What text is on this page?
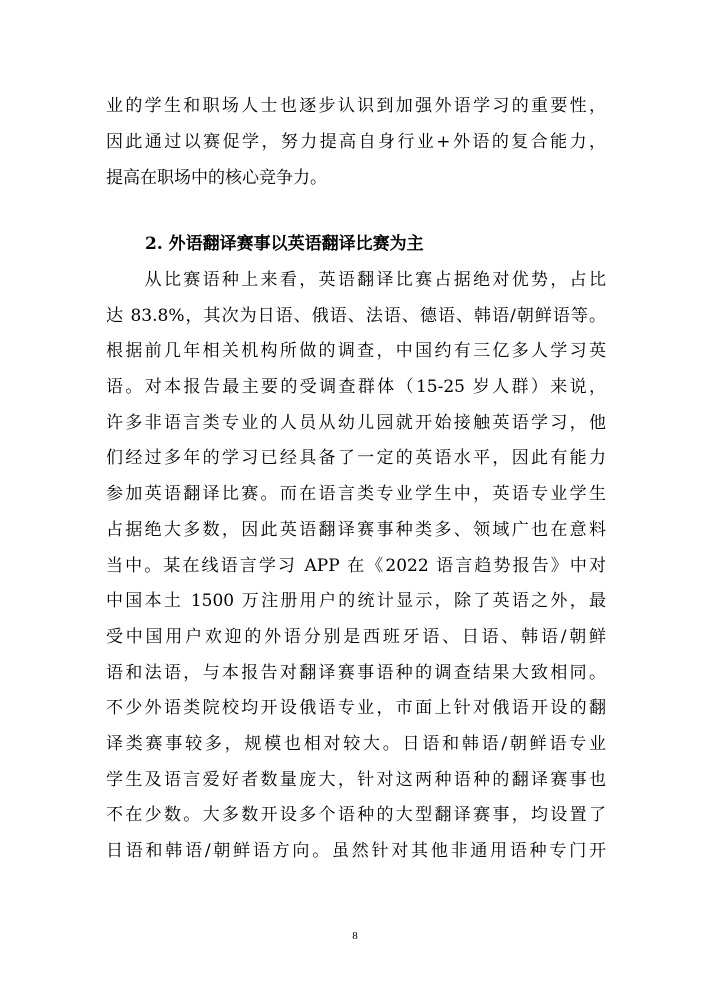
业的学生和职场人士也逐步认识到加强外语学习的重要性，
因此通过以赛促学，努力提高自身行业+外语的复合能力，
提高在职场中的核心竞争力。
2. 外语翻译赛事以英语翻译比赛为主
　　从比赛语种上来看，英语翻译比赛占据绝对优势，占比
达 83.8%，其次为日语、俄语、法语、德语、韩语/朝鲜语等。
根据前几年相关机构所做的调查，中国约有三亿多人学习英
语。对本报告最主要的受调查群体（15-25 岁人群）来说，
许多非语言类专业的人员从幼儿园就开始接触英语学习，他
们经过多年的学习已经具备了一定的英语水平，因此有能力
参加英语翻译比赛。而在语言类专业学生中，英语专业学生
占据绝大多数，因此英语翻译赛事种类多、领域广也在意料
当中。某在线语言学习 APP 在《2022 语言趋势报告》中对
中国本土 1500 万注册用户的统计显示，除了英语之外，最
受中国用户欢迎的外语分别是西班牙语、日语、韩语/朝鲜
语和法语，与本报告对翻译赛事语种的调查结果大致相同。
不少外语类院校均开设俄语专业，市面上针对俄语开设的翻
译类赛事较多，规模也相对较大。日语和韩语/朝鲜语专业
学生及语言爱好者数量庞大，针对这两种语种的翻译赛事也
不在少数。大多数开设多个语种的大型翻译赛事，均设置了
日语和韩语/朝鲜语方向。虽然针对其他非通用语种专门开
8
